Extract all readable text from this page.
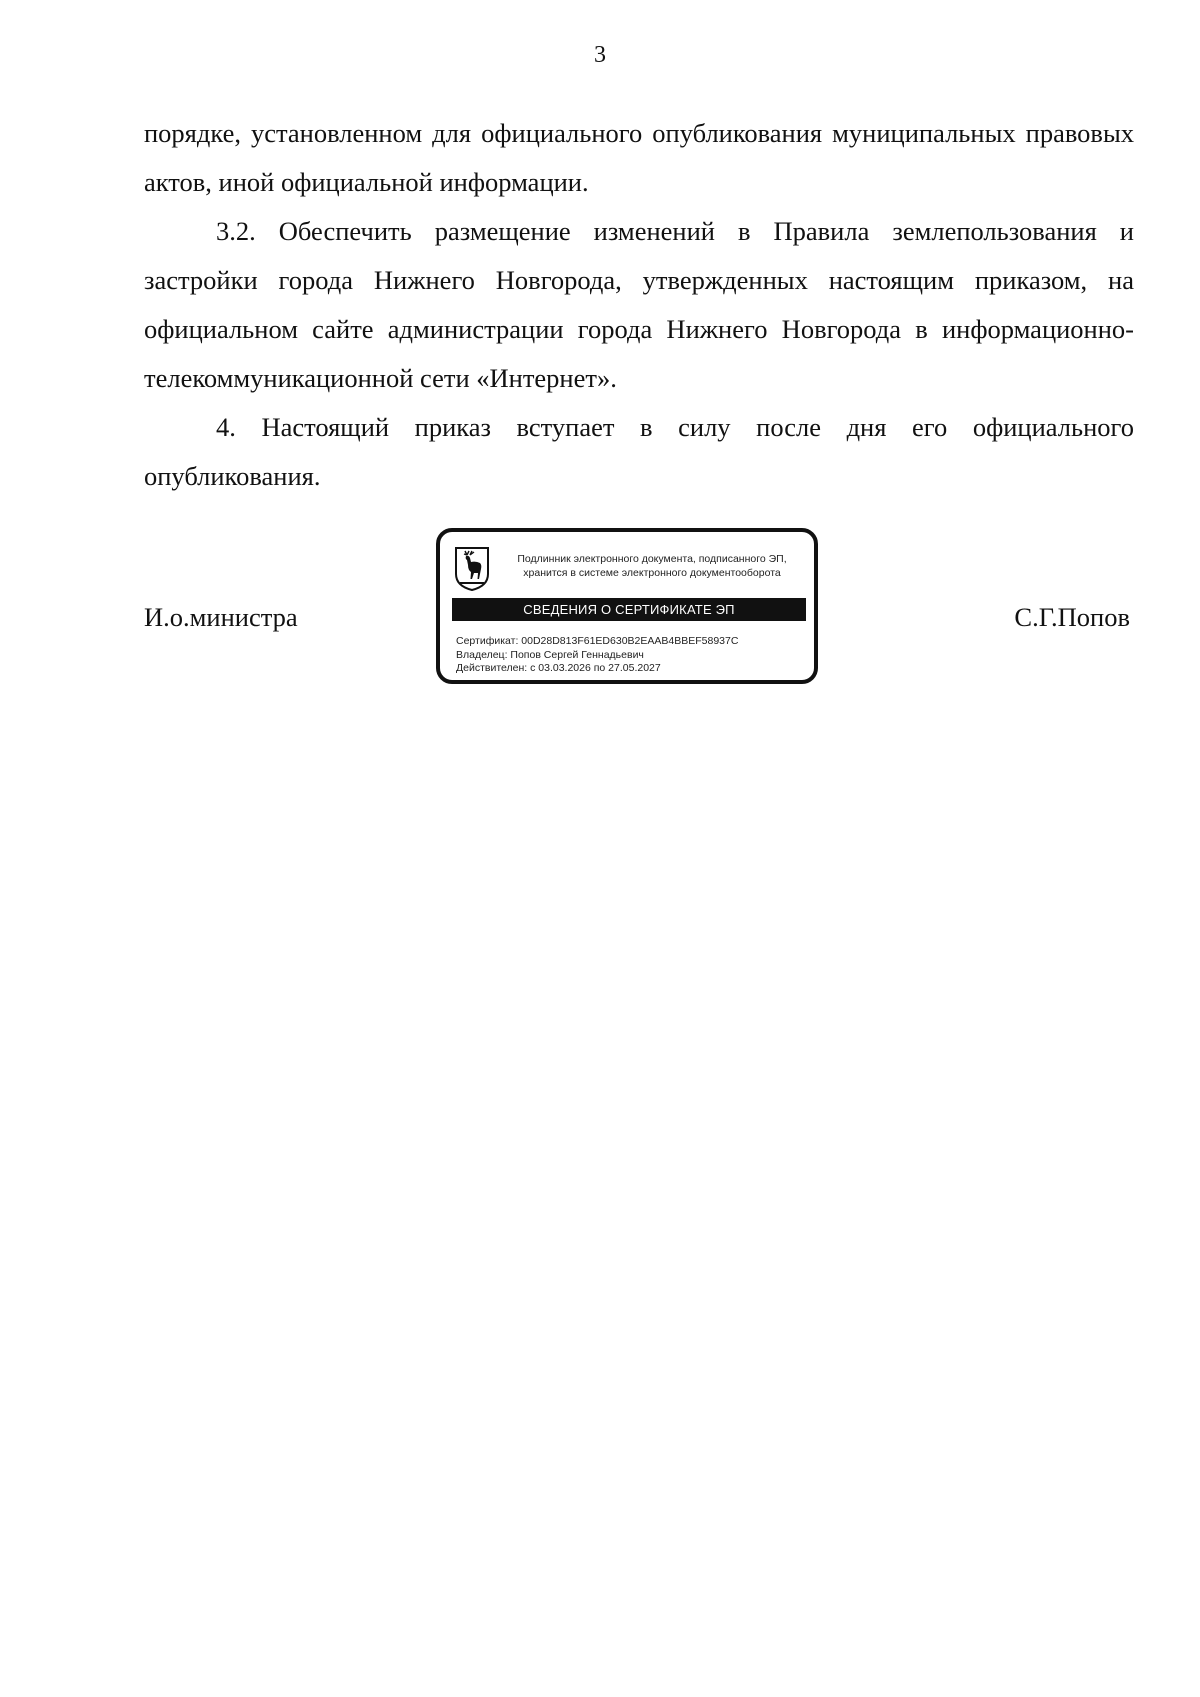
3

порядке, установленном для официального опубликования муниципальных правовых актов, иной официальной информации.

3.2. Обеспечить размещение изменений в Правила землепользования и застройки города Нижнего Новгорода, утвержденных настоящим приказом, на официальном сайте администрации города Нижнего Новгорода в информационно-телекоммуникационной сети «Интернет».

4. Настоящий приказ вступает в силу после дня его официального опубликования.

И.о.министра
Подлинник электронного документа, подписанного ЭП,
хранится в системе электронного документооборота
СВЕДЕНИЯ О СЕРТИФИКАТЕ ЭП
Сертификат: 00D28D813F61ED630B2EAAB4BBEF58937C
Владелец: Попов Сергей Геннадьевич
Действителен: с 03.03.2026 по 27.05.2027
С.Г.Попов
